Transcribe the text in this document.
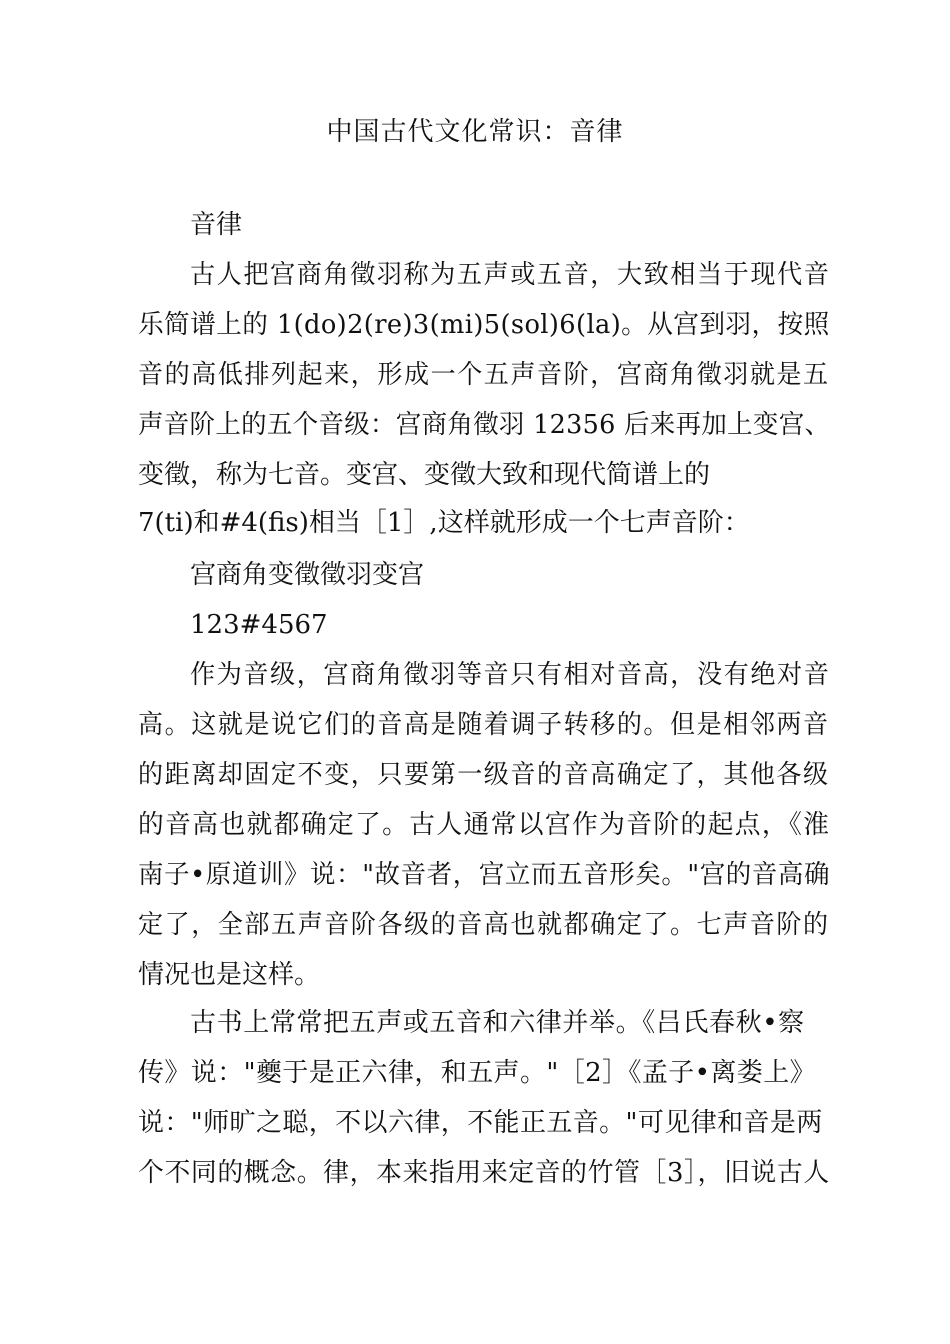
中国古代文化常识：音律
音律
古人把宫商角徵羽称为五声或五音，大致相当于现代音
乐简谱上的 1(do)2(re)3(mi)5(sol)6(la)。从宫到羽，按照
音的高低排列起来，形成一个五声音阶，宫商角徵羽就是五
声音阶上的五个音级：宫商角徵羽 12356 后来再加上变宫、
变徵，称为七音。变宫、变徵大致和现代简谱上的
7(ti)和#4(fis)相当［1］,这样就形成一个七声音阶：
宫商角变徵徵羽变宫
123#4567
作为音级，宫商角徵羽等音只有相对音高，没有绝对音
高。这就是说它们的音高是随着调子转移的。但是相邻两音
的距离却固定不变，只要第一级音的音高确定了，其他各级
的音高也就都确定了。古人通常以宫作为音阶的起点，《淮
南子•原道训》说："故音者，宫立而五音形矣。"宫的音高确
定了，全部五声音阶各级的音高也就都确定了。七声音阶的
情况也是这样。
古书上常常把五声或五音和六律并举。《吕氏春秋•察
传》说："夔于是正六律，和五声。"［2］《孟子•离娄上》
说："师旷之聪，不以六律，不能正五音。"可见律和音是两
个不同的概念。律，本来指用来定音的竹管［3］，旧说古人
